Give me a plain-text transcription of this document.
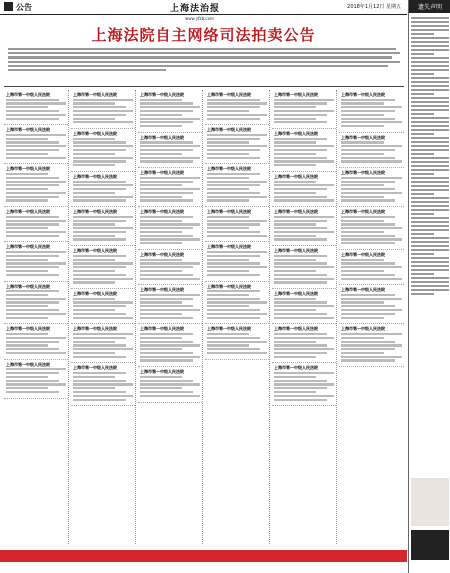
公告	上海法治报	2018年1月12日 星期五
www.yfzb.com
上海法院自主网络司法拍卖公告
上海市第一中级人民法院
上海市第一中级人民法院
上海市第一中级人民法院
上海市第一中级人民法院
上海市第一中级人民法院
上海市第一中级人民法院
上海市第一中级人民法院
上海市第一中级人民法院
上海市第一中级人民法院
上海市第一中级人民法院
上海市第一中级人民法院
上海市第一中级人民法院
上海市第一中级人民法院
上海市第一中级人民法院
上海市第一中级人民法院
上海市第一中级人民法院
上海市第一中级人民法院
上海市第一中级人民法院
上海市第一中级人民法院
上海市第一中级人民法院
上海市第一中级人民法院
上海市第一中级人民法院
上海市第一中级人民法院
上海市第一中级人民法院
上海市第一中级人民法院
上海市第一中级人民法院
上海市第一中级人民法院
上海市第一中级人民法院
上海市第一中级人民法院
上海市第一中级人民法院
上海市第一中级人民法院
上海市第一中级人民法院
上海市第一中级人民法院
上海市第一中级人民法院
上海市第一中级人民法院
上海市第一中级人民法院
上海市第一中级人民法院
上海市第一中级人民法院
上海市第一中级人民法院
上海市第一中级人民法院
上海市第一中级人民法院
上海市第一中级人民法院
上海市第一中级人民法院
上海市第一中级人民法院
上海市第一中级人民法院
上海市第一中级人民法院
遗失声明
